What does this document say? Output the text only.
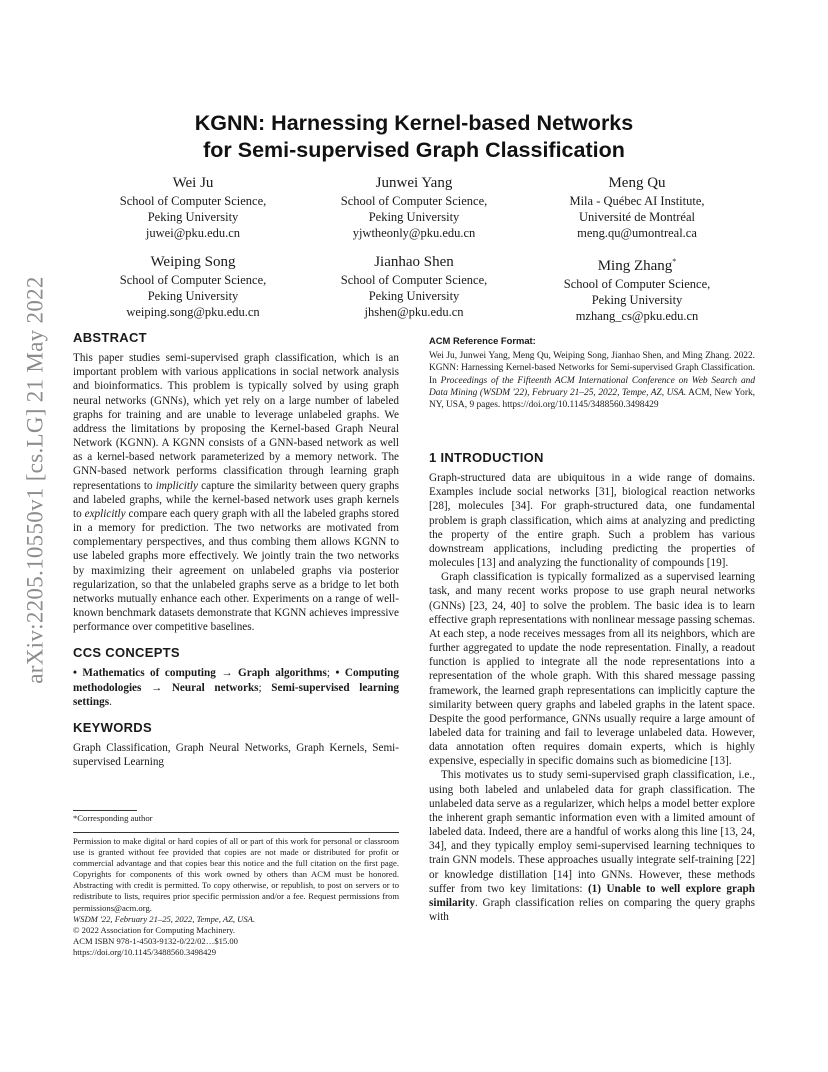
arXiv:2205.10550v1 [cs.LG] 21 May 2022
KGNN: Harnessing Kernel-based Networks
for Semi-supervised Graph Classification
Wei Ju
School of Computer Science,
Peking University
juwei@pku.edu.cn
Junwei Yang
School of Computer Science,
Peking University
yjwtheonly@pku.edu.cn
Meng Qu
Mila - Québec AI Institute,
Université de Montréal
meng.qu@umontreal.ca
Weiping Song
School of Computer Science,
Peking University
weiping.song@pku.edu.cn
Jianhao Shen
School of Computer Science,
Peking University
jhshen@pku.edu.cn
Ming Zhang*
School of Computer Science,
Peking University
mzhang_cs@pku.edu.cn
ABSTRACT

This paper studies semi-supervised graph classification, which is an important problem with various applications in social network analysis and bioinformatics. This problem is typically solved by using graph neural networks (GNNs), which yet rely on a large number of labeled graphs for training and are unable to leverage unlabeled graphs. We address the limitations by proposing the Kernel-based Graph Neural Network (KGNN). A KGNN consists of a GNN-based network as well as a kernel-based network parameterized by a memory network. The GNN-based network performs classification through learning graph representations to implicitly capture the similarity between query graphs and labeled graphs, while the kernel-based network uses graph kernels to explicitly compare each query graph with all the labeled graphs stored in a memory for prediction. The two networks are motivated from complementary perspectives, and thus combing them allows KGNN to use labeled graphs more effectively. We jointly train the two networks by maximizing their agreement on unlabeled graphs via posterior regularization, so that the unlabeled graphs serve as a bridge to let both networks mutually enhance each other. Experiments on a range of well-known benchmark datasets demonstrate that KGNN achieves impressive performance over competitive baselines.

CCS CONCEPTS

• Mathematics of computing → Graph algorithms; • Computing methodologies → Neural networks; Semi-supervised learning settings.

KEYWORDS

Graph Classification, Graph Neural Networks, Graph Kernels, Semi-supervised Learning

*Corresponding author

Permission to make digital or hard copies of all or part of this work for personal or classroom use is granted without fee provided that copies are not made or distributed for profit or commercial advantage and that copies bear this notice and the full citation on the first page. Copyrights for components of this work owned by others than ACM must be honored. Abstracting with credit is permitted. To copy otherwise, or republish, to post on servers or to redistribute to lists, requires prior specific permission and/or a fee. Request permissions from permissions@acm.org.

WSDM '22, February 21–25, 2022, Tempe, AZ, USA.

© 2022 Association for Computing Machinery.

ACM ISBN 978-1-4503-9132-0/22/02…$15.00

https://doi.org/10.1145/3488560.3498429

ACM Reference Format:

Wei Ju, Junwei Yang, Meng Qu, Weiping Song, Jianhao Shen, and Ming Zhang. 2022. KGNN: Harnessing Kernel-based Networks for Semi-supervised Graph Classification. In Proceedings of the Fifteenth ACM International Conference on Web Search and Data Mining (WSDM '22), February 21–25, 2022, Tempe, AZ, USA. ACM, New York, NY, USA, 9 pages. https://doi.org/10.1145/3488560.3498429

1 INTRODUCTION

Graph-structured data are ubiquitous in a wide range of domains. Examples include social networks [31], biological reaction networks [28], molecules [34]. For graph-structured data, one fundamental problem is graph classification, which aims at analyzing and predicting the property of the entire graph. Such a problem has various downstream applications, including predicting the properties of molecules [13] and analyzing the functionality of compounds [19].

Graph classification is typically formalized as a supervised learning task, and many recent works propose to use graph neural networks (GNNs) [23, 24, 40] to solve the problem. The basic idea is to learn effective graph representations with nonlinear message passing schemas. At each step, a node receives messages from all its neighbors, which are further aggregated to update the node representation. Finally, a readout function is applied to integrate all the node representations into a representation of the whole graph. With this shared message passing framework, the learned graph representations can implicitly capture the similarity between query graphs and labeled graphs in the latent space. Despite the good performance, GNNs usually require a large amount of labeled data for training and fail to leverage unlabeled data. However, data annotation often requires domain experts, which is highly expensive, especially in specific domains such as biomedicine [13].

This motivates us to study semi-supervised graph classification, i.e., using both labeled and unlabeled data for graph classification. The unlabeled data serve as a regularizer, which helps a model better explore the inherent graph semantic information even with a limited amount of labeled data. Indeed, there are a handful of works along this line [13, 24, 34], and they typically employ semi-supervised learning techniques to train GNN models. These approaches usually integrate self-training [22] or knowledge distillation [14] into GNNs. However, these methods suffer from two key limitations: (1) Unable to well explore graph similarity. Graph classification relies on comparing the query graphs with
